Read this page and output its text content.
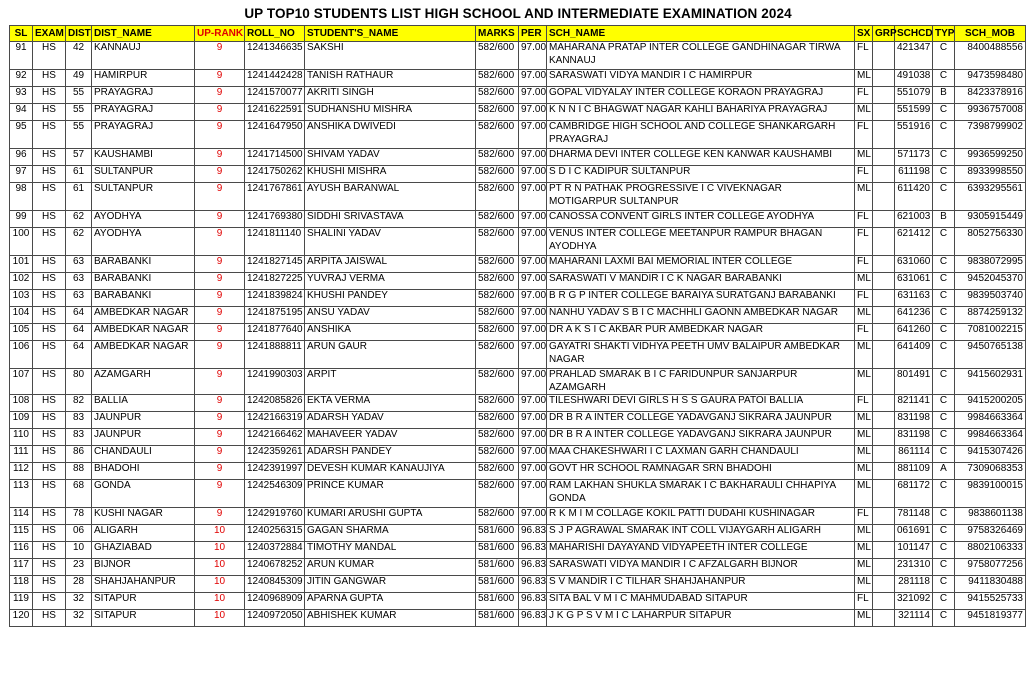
UP TOP10 STUDENTS LIST HIGH SCHOOL AND INTERMEDIATE EXAMINATION 2024
SL	EXAM	DIST	DIST_NAME	UP-RANK	ROLL_NO	STUDENT'S_NAME	MARKS	PER	SCH_NAME	SX	GRP	SCHCD	TYP	SCH_MOB
91	HS	42	KANNAUJ	9	1241346635	SAKSHI	582/600	97.00	MAHARANA PRATAP INTER COLLEGE GANDHINAGAR TIRWA KANNAUJ	FL		421347	C	8400488556
92	HS	49	HAMIRPUR	9	1241442428	TANISH RATHAUR	582/600	97.00	SARASWATI VIDYA MANDIR I C HAMIRPUR	ML		491038	C	9473598480
93	HS	55	PRAYAGRAJ	9	1241570077	AKRITI SINGH	582/600	97.00	GOPAL VIDYALAY INTER COLLEGE KORAON PRAYAGRAJ	FL		551079	B	8423378916
94	HS	55	PRAYAGRAJ	9	1241622591	SUDHANSHU MISHRA	582/600	97.00	K N N I C BHAGWAT NAGAR KAHLI BAHARIYA PRAYAGRAJ	ML		551599	C	9936757008
95	HS	55	PRAYAGRAJ	9	1241647950	ANSHIKA DWIVEDI	582/600	97.00	CAMBRIDGE HIGH SCHOOL AND COLLEGE SHANKARGARH PRAYAGRAJ	FL		551916	C	7398799902
96	HS	57	KAUSHAMBI	9	1241714500	SHIVAM YADAV	582/600	97.00	DHARMA DEVI INTER COLLEGE KEN KANWAR KAUSHAMBI	ML		571173	C	9936599250
97	HS	61	SULTANPUR	9	1241750262	KHUSHI MISHRA	582/600	97.00	S D I C KADIPUR SULTANPUR	FL		611198	C	8933998550
98	HS	61	SULTANPUR	9	1241767861	AYUSH BARANWAL	582/600	97.00	PT R N PATHAK PROGRESSIVE I C VIVEKNAGAR MOTIGARPUR SULTANPUR	ML		611420	C	6393295561
99	HS	62	AYODHYA	9	1241769380	SIDDHI SRIVASTAVA	582/600	97.00	CANOSSA CONVENT GIRLS INTER COLLEGE AYODHYA	FL		621003	B	9305915449
100	HS	62	AYODHYA	9	1241811140	SHALINI YADAV	582/600	97.00	VENUS INTER COLLEGE MEETANPUR RAMPUR BHAGAN AYODHYA	FL		621412	C	8052756330
101	HS	63	BARABANKI	9	1241827145	ARPITA JAISWAL	582/600	97.00	MAHARANI LAXMI BAI MEMORIAL INTER COLLEGE	FL		631060	C	9838072995
102	HS	63	BARABANKI	9	1241827225	YUVRAJ VERMA	582/600	97.00	SARASWATI V MANDIR I C K NAGAR BARABANKI	ML		631061	C	9452045370
103	HS	63	BARABANKI	9	1241839824	KHUSHI PANDEY	582/600	97.00	B R G P INTER COLLEGE BARAIYA SURATGANJ BARABANKI	FL		631163	C	9839503740
104	HS	64	AMBEDKAR NAGAR	9	1241875195	ANSU YADAV	582/600	97.00	NANHU YADAV S B I C MACHHLI GAONN AMBEDKAR NAGAR	ML		641236	C	8874259132
105	HS	64	AMBEDKAR NAGAR	9	1241877640	ANSHIKA	582/600	97.00	DR A K S I C AKBAR PUR AMBEDKAR NAGAR	FL		641260	C	7081002215
106	HS	64	AMBEDKAR NAGAR	9	1241888811	ARUN GAUR	582/600	97.00	GAYATRI SHAKTI VIDHYA PEETH UMV BALAIPUR AMBEDKAR NAGAR	ML		641409	C	9450765138
107	HS	80	AZAMGARH	9	1241990303	ARPIT	582/600	97.00	PRAHLAD SMARAK B I C FARIDUNPUR SANJARPUR AZAMGARH	ML		801491	C	9415602931
108	HS	82	BALLIA	9	1242085826	EKTA VERMA	582/600	97.00	TILESHWARI DEVI GIRLS H S S GAURA PATOI BALLIA	FL		821141	C	9415200205
109	HS	83	JAUNPUR	9	1242166319	ADARSH YADAV	582/600	97.00	DR B R A INTER COLLEGE YADAVGANJ SIKRARA JAUNPUR	ML		831198	C	9984663364
110	HS	83	JAUNPUR	9	1242166462	MAHAVEER YADAV	582/600	97.00	DR B R A INTER COLLEGE YADAVGANJ SIKRARA JAUNPUR	ML		831198	C	9984663364
111	HS	86	CHANDAULI	9	1242359261	ADARSH PANDEY	582/600	97.00	MAA CHAKESHWARI I C LAXMAN GARH CHANDAULI	ML		861114	C	9415307426
112	HS	88	BHADOHI	9	1242391997	DEVESH KUMAR KANAUJIYA	582/600	97.00	GOVT HR SCHOOL RAMNAGAR SRN BHADOHI	ML		881109	A	7309068353
113	HS	68	GONDA	9	1242546309	PRINCE KUMAR	582/600	97.00	RAM LAKHAN SHUKLA SMARAK I C BAKHARAULI CHHAPIYA GONDA	ML		681172	C	9839100015
114	HS	78	KUSHI NAGAR	9	1242919760	KUMARI ARUSHI GUPTA	582/600	97.00	R K M I M COLLAGE KOKIL PATTI DUDAHI KUSHINAGAR	FL		781148	C	9838601138
115	HS	06	ALIGARH	10	1240256315	GAGAN SHARMA	581/600	96.83	S J P AGRAWAL SMARAK INT COLL VIJAYGARH ALIGARH	ML		061691	C	9758326469
116	HS	10	GHAZIABAD	10	1240372884	TIMOTHY MANDAL	581/600	96.83	MAHARISHI DAYAYAND VIDYAPEETH INTER COLLEGE	ML		101147	C	8802106333
117	HS	23	BIJNOR	10	1240678252	ARUN KUMAR	581/600	96.83	SARASWATI VIDYA MANDIR I C AFZALGARH BIJNOR	ML		231310	C	9758077256
118	HS	28	SHAHJAHANPUR	10	1240845309	JITIN GANGWAR	581/600	96.83	S V MANDIR I C TILHAR SHAHJAHANPUR	ML		281118	C	9411830488
119	HS	32	SITAPUR	10	1240968909	APARNA GUPTA	581/600	96.83	SITA BAL V M I C MAHMUDABAD SITAPUR	FL		321092	C	9415525733
120	HS	32	SITAPUR	10	1240972050	ABHISHEK KUMAR	581/600	96.83	J K G P S V M I C LAHARPUR SITAPUR	ML		321114	C	9451819377
